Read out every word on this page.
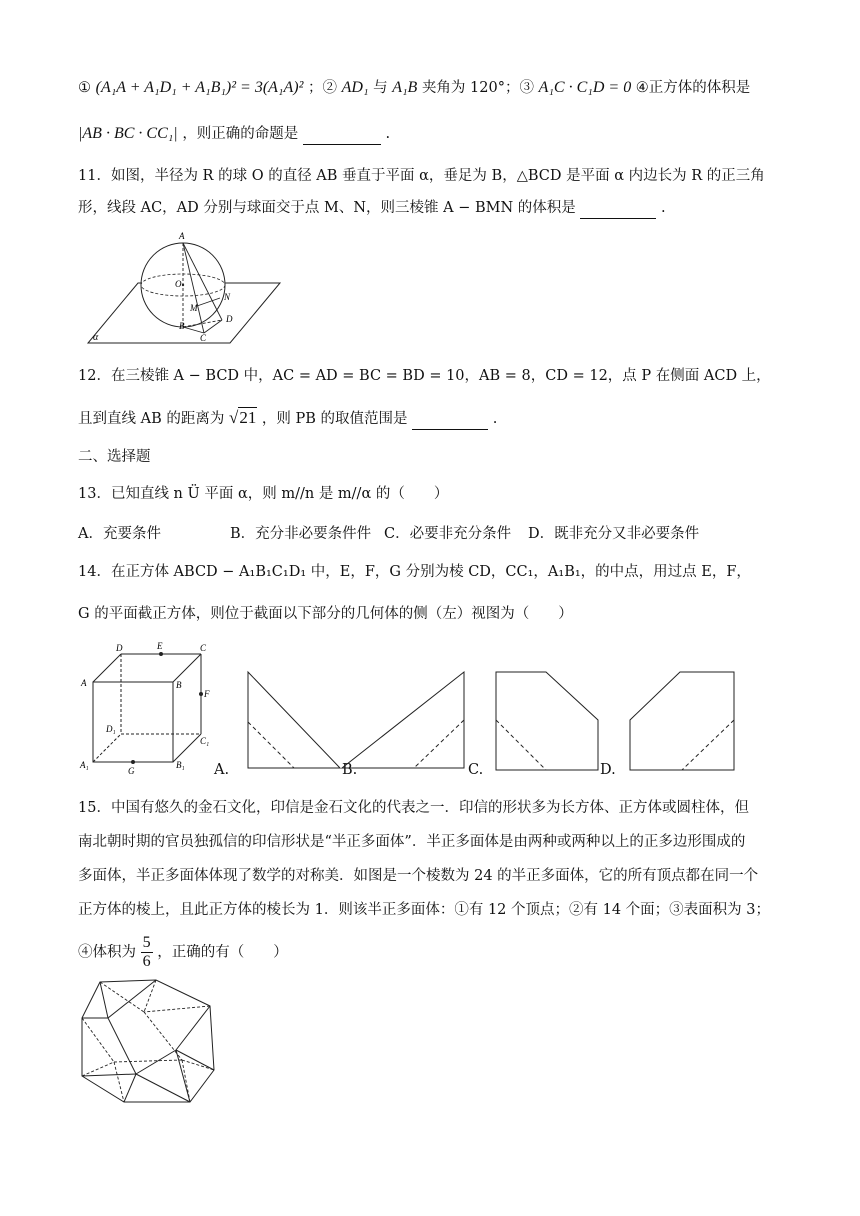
① (A₁A + A₁D₁ + A₁B₁)² = 3(A₁A)² ；② AD₁ 与 A₁B 夹角为 120°；③ A₁C · C₁D = 0 ④正方体的体积是
|AB · BC · CC₁| ，则正确的命题是	.
11．如图，半径为 R 的球 O 的直径 AB 垂直于平面 α，垂足为 B，△BCD 是平面 α 内边长为 R 的正三角
形，线段 AC，AD 分别与球面交于点 M、N，则三棱锥 A − BMN 的体积是	.
A
O
N
M
B
D
C
α
12．在三棱锥 A − BCD 中，AC = AD = BC = BD = 10，AB = 8，CD = 12，点 P 在侧面 ACD 上，
且到直线 AB 的距离为 √21 ，则 PB 的取值范围是	.
二、选择题
13．已知直线 n Ü 平面 α，则 m//n 是 m//α 的（　　）
A．充要条件	B．充分非必要条件件 C．必要非充分条件 D．既非充分又非必要条件
14．在正方体 ABCD − A₁B₁C₁D₁ 中，E，F，G 分别为棱 CD，CC₁，A₁B₁，的中点，用过点 E，F，
G 的平面截正方体，则位于截面以下部分的几何体的侧（左）视图为（　　）
D	E	C
A	B
F
D₁
C₁
A₁
G
B₁ A.	B.	C.	D.
15．中国有悠久的金石文化，印信是金石文化的代表之一．印信的形状多为长方体、正方体或圆柱体，但
南北朝时期的官员独孤信的印信形状是“半正多面体”．半正多面体是由两种或两种以上的正多边形围成的
多面体，半正多面体体现了数学的对称美．如图是一个棱数为 24 的半正多面体，它的所有顶点都在同一个
正方体的棱上，且此正方体的棱长为 1．则该半正多面体：①有 12 个顶点；②有 14 个面；③表面积为 3；
④体积为 $\frac{5}{6}$ ，正确的有（　　）
